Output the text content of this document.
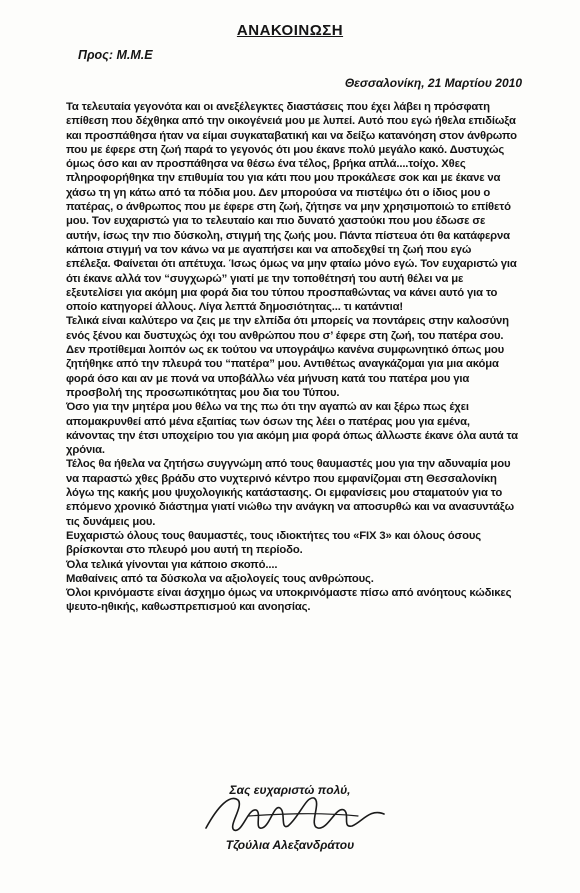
ΑΝΑΚΟΙΝΩΣΗ
Προς: Μ.Μ.Ε
Θεσσαλονίκη, 21 Μαρτίου 2010

Τα τελευταία γεγονότα και οι ανεξέλεγκτες διαστάσεις που έχει λάβει η πρόσφατη επίθεση που δέχθηκα από την οικογένειά μου με λυπεί. Αυτό που εγώ ήθελα επιδίωξα και προσπάθησα ήταν να είμαι συγκαταβατική και να δείξω κατανόηση στον άνθρωπο που με έφερε στη ζωή παρά το γεγονός ότι μου έκανε πολύ μεγάλο κακό. Δυστυχώς όμως όσο και αν προσπάθησα να θέσω ένα τέλος, βρήκα απλά....τοίχο. Χθες πληροφορήθηκα την επιθυμία του για κάτι που μου προκάλεσε σοκ και με έκανε να χάσω τη γη κάτω από τα πόδια μου. Δεν μπορούσα να πιστέψω ότι ο ίδιος μου ο πατέρας, ο άνθρωπος που με έφερε στη ζωή, ζήτησε να μην χρησιμοποιώ το επίθετό μου. Τον ευχαριστώ για το τελευταίο και πιο δυνατό χαστούκι που μου έδωσε σε αυτήν, ίσως την πιο δύσκολη, στιγμή της ζωής μου. Πάντα πίστευα ότι θα κατάφερνα κάποια στιγμή να τον κάνω να με αγαπήσει και να αποδεχθεί τη ζωή που εγώ επέλεξα. Φαίνεται ότι απέτυχα. Ίσως όμως να μην φταίω μόνο εγώ. Τον ευχαριστώ για ότι έκανε αλλά τον “συγχωρώ” γιατί με την τοποθέτησή του αυτή θέλει να με εξευτελίσει για ακόμη μια φορά δια του τύπου προσπαθώντας να κάνει αυτό για το οποίο κατηγορεί άλλους. Λίγα λεπτά δημοσιότητας... τι κατάντια!

Τελικά είναι καλύτερο να ζεις με την ελπίδα ότι μπορείς να ποντάρεις στην καλοσύνη ενός ξένου και δυστυχώς όχι του ανθρώπου που σ’ έφερε στη ζωή, του πατέρα σου.

Δεν προτίθεμαι λοιπόν ως εκ τούτου να υπογράψω κανένα συμφωνητικό όπως μου ζητήθηκε από την πλευρά του “πατέρα” μου. Αντιθέτως αναγκάζομαι για μια ακόμα φορά όσο και αν με πονά να υποβάλλω νέα μήνυση κατά του πατέρα μου για προσβολή της προσωπικότητας μου δια του Τύπου.

Όσο για την μητέρα μου θέλω να της πω ότι την αγαπώ αν και ξέρω πως έχει απομακρυνθεί από μένα εξαιτίας των όσων της λέει ο πατέρας μου για εμένα, κάνοντας την έτσι υποχείριο του για ακόμη μια φορά όπως άλλωστε έκανε όλα αυτά τα χρόνια.

Τέλος θα ήθελα να ζητήσω συγγνώμη από τους θαυμαστές μου για την αδυναμία μου να παραστώ χθες βράδυ στο νυχτερινό κέντρο που εμφανίζομαι στη Θεσσαλονίκη λόγω της κακής μου ψυχολογικής κατάστασης. Οι εμφανίσεις μου σταματούν για το επόμενο χρονικό διάστημα γιατί νιώθω την ανάγκη να αποσυρθώ και να ανασυντάξω τις δυνάμεις μου.

Ευχαριστώ όλους τους θαυμαστές, τους ιδιοκτήτες του «FIX 3» και όλους όσους βρίσκονται στο πλευρό μου αυτή τη περίοδο.

Όλα τελικά γίνονται για κάποιο σκοπό....

Μαθαίνεις από τα δύσκολα να αξιολογείς τους ανθρώπους.

Όλοι κρινόμαστε είναι άσχημο όμως να υποκρινόμαστε πίσω από ανόητους κώδικες ψευτο-ηθικής, καθωσπρεπισμού και ανοησίας.

Σας ευχαριστώ πολύ,
Τζούλια Αλεξανδράτου
